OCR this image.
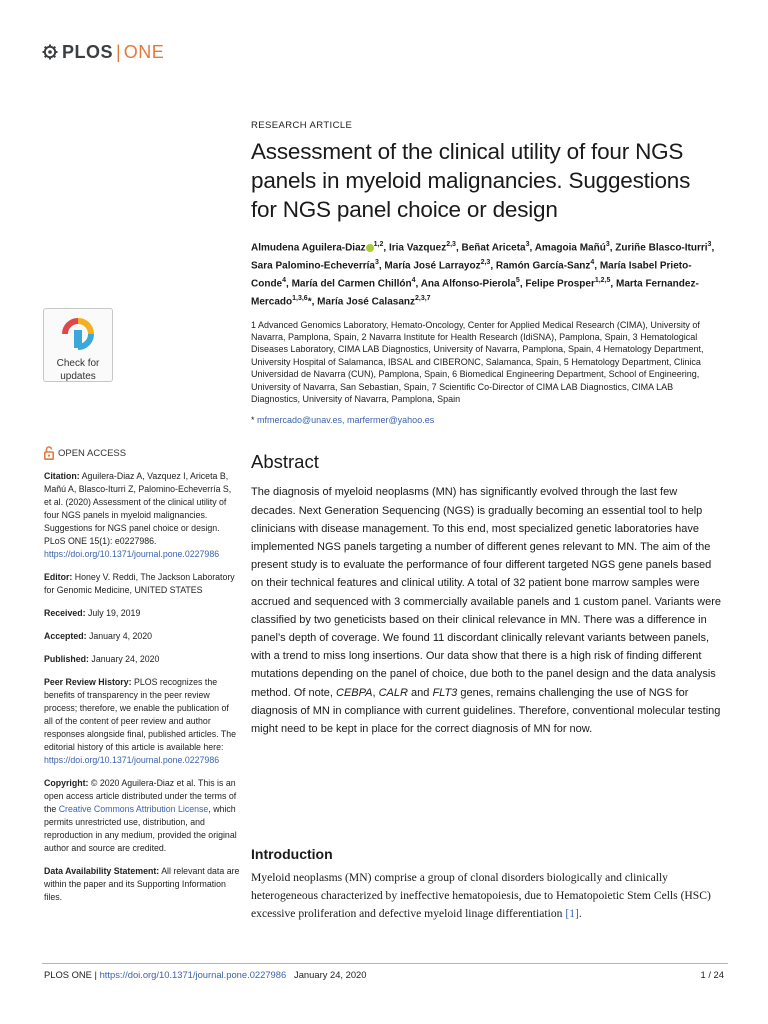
PLOS | ONE
Check for
updates
OPEN ACCESS
Citation: Aguilera-Diaz A, Vazquez I, Ariceta B, Mañú A, Blasco-Iturri Z, Palomino-Echeverría S, et al. (2020) Assessment of the clinical utility of four NGS panels in myeloid malignancies. Suggestions for NGS panel choice or design. PLoS ONE 15(1): e0227986. https://doi.org/10.1371/journal.pone.0227986
Editor: Honey V. Reddi, The Jackson Laboratory for Genomic Medicine, UNITED STATES
Received: July 19, 2019
Accepted: January 4, 2020
Published: January 24, 2020
Peer Review History: PLOS recognizes the benefits of transparency in the peer review process; therefore, we enable the publication of all of the content of peer review and author responses alongside final, published articles. The editorial history of this article is available here: https://doi.org/10.1371/journal.pone.0227986
Copyright: © 2020 Aguilera-Diaz et al. This is an open access article distributed under the terms of the Creative Commons Attribution License, which permits unrestricted use, distribution, and reproduction in any medium, provided the original author and source are credited.
Data Availability Statement: All relevant data are within the paper and its Supporting Information files.
RESEARCH ARTICLE
Assessment of the clinical utility of four NGS panels in myeloid malignancies. Suggestions for NGS panel choice or design
Almudena Aguilera-Diaz $^{1,2}$, Iria Vazquez$^{2,3}$, Beñat Ariceta$^3$, Amagoia Mañú$^3$, Zuriñe Blasco-Iturri$^3$, Sara Palomino-Echeverría$^3$, María José Larrayoz$^{2,3}$, Ramón García-Sanz$^4$, María Isabel Prieto-Conde$^4$, María del Carmen Chillón$^4$, Ana Alfonso-Pierola$^5$, Felipe Prosper$^{1,2,5}$, Marta Fernandez-Mercado$^{1,3,6}$*, María José Calasanz$^{2,3,7}$
1 Advanced Genomics Laboratory, Hemato-Oncology, Center for Applied Medical Research (CIMA), University of Navarra, Pamplona, Spain, 2 Navarra Institute for Health Research (IdiSNA), Pamplona, Spain, 3 Hematological Diseases Laboratory, CIMA LAB Diagnostics, University of Navarra, Pamplona, Spain, 4 Hematology Department, University Hospital of Salamanca, IBSAL and CIBERONC, Salamanca, Spain, 5 Hematology Department, Clinica Universidad de Navarra (CUN), Pamplona, Spain, 6 Biomedical Engineering Department, School of Engineering, University of Navarra, San Sebastian, Spain, 7 Scientific Co-Director of CIMA LAB Diagnostics, CIMA LAB Diagnostics, University of Navarra, Pamplona, Spain
* mfmercado@unav.es, marfermer@yahoo.es
Abstract

The diagnosis of myeloid neoplasms (MN) has significantly evolved through the last few decades. Next Generation Sequencing (NGS) is gradually becoming an essential tool to help clinicians with disease management. To this end, most specialized genetic laboratories have implemented NGS panels targeting a number of different genes relevant to MN. The aim of the present study is to evaluate the performance of four different targeted NGS gene panels based on their technical features and clinical utility. A total of 32 patient bone marrow samples were accrued and sequenced with 3 commercially available panels and 1 custom panel. Variants were classified by two geneticists based on their clinical relevance in MN. There was a difference in panel’s depth of coverage. We found 11 discordant clinically relevant variants between panels, with a trend to miss long insertions. Our data show that there is a high risk of finding different mutations depending on the panel of choice, due both to the panel design and the data analysis method. Of note, CEBPA, CALR and FLT3 genes, remains challenging the use of NGS for diagnosis of MN in compliance with current guidelines. Therefore, conventional molecular testing might need to be kept in place for the correct diagnosis of MN for now.

Introduction

Myeloid neoplasms (MN) comprise a group of clonal disorders biologically and clinically heterogeneous characterized by ineffective hematopoiesis, due to Hematopoietic Stem Cells (HSC) excessive proliferation and defective myeloid linage differentiation [1].

PLOS ONE | https://doi.org/10.1371/journal.pone.0227986 January 24, 2020	1 / 24
